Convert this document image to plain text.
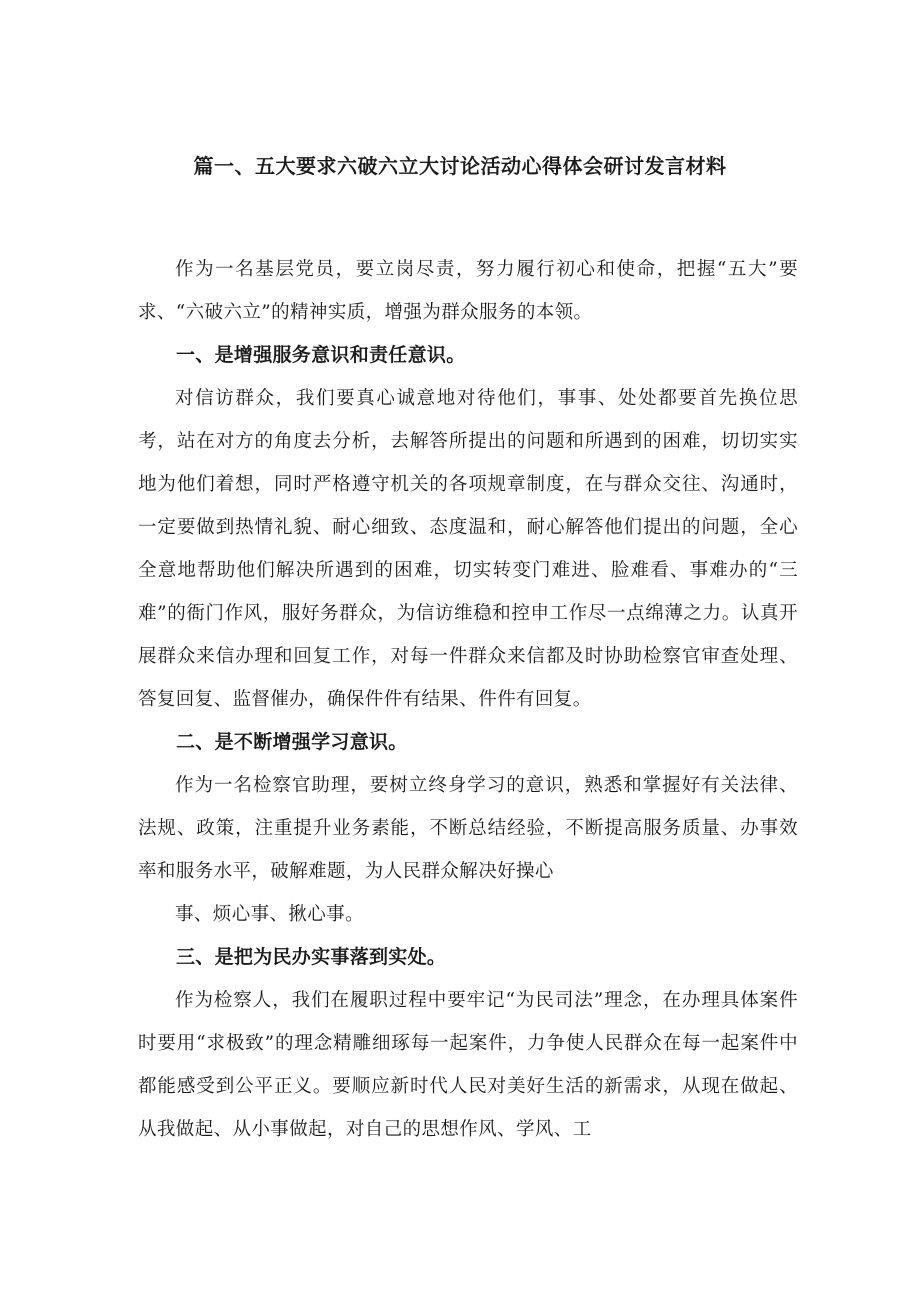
篇一、五大要求六破六立大讨论活动心得体会研讨发言材料

作为一名基层党员，要立岗尽责，努力履行初心和使命，把握“五大”要求、“六破六立”的精神实质，增强为群众服务的本领。

一、是增强服务意识和责任意识。

对信访群众，我们要真心诚意地对待他们，事事、处处都要首先换位思考，站在对方的角度去分析，去解答所提出的问题和所遇到的困难，切切实实地为他们着想，同时严格遵守机关的各项规章制度，在与群众交往、沟通时，一定要做到热情礼貌、耐心细致、态度温和，耐心解答他们提出的问题，全心全意地帮助他们解决所遇到的困难，切实转变门难进、脸难看、事难办的“三难”的衙门作风，服好务群众，为信访维稳和控申工作尽一点绵薄之力。认真开展群众来信办理和回复工作，对每一件群众来信都及时协助检察官审查处理、答复回复、监督催办，确保件件有结果、件件有回复。

二、是不断增强学习意识。

作为一名检察官助理，要树立终身学习的意识，熟悉和掌握好有关法律、法规、政策，注重提升业务素能，不断总结经验，不断提高服务质量、办事效率和服务水平，破解难题，为人民群众解决好操心

事、烦心事、揪心事。

三、是把为民办实事落到实处。

作为检察人，我们在履职过程中要牢记“为民司法”理念，在办理具体案件时要用“求极致”的理念精雕细琢每一起案件，力争使人民群众在每一起案件中都能感受到公平正义。要顺应新时代人民对美好生活的新需求，从现在做起、从我做起、从小事做起，对自己的思想作风、学风、工
